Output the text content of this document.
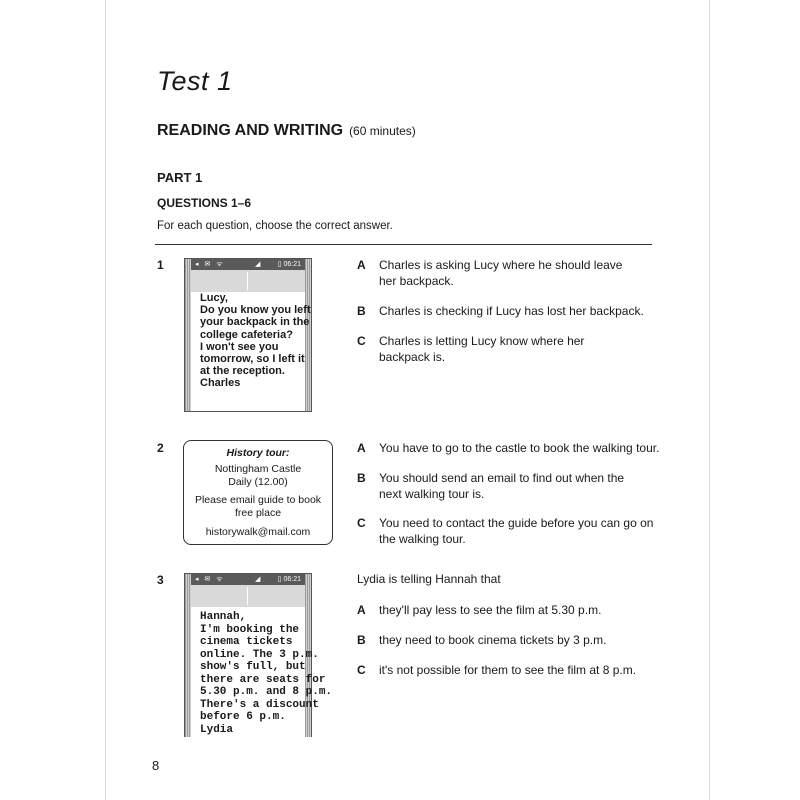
Test 1
READING AND WRITING (60 minutes)
PART 1
QUESTIONS 1–6
For each question, choose the correct answer.
1	◂ ✉ ᯤ	◢ ▯ 06:21
Lucy,
Do you know you left
your backpack in the
college cafeteria?
I won't see you
tomorrow, so I left it
at the reception.
Charles
A Charles is asking Lucy where he should leave her backpack.
B Charles is checking if Lucy has lost her backpack.
C Charles is letting Lucy know where her backpack is.
2	History tour:
Nottingham Castle
Daily (12.00)
Please email guide to book
free place
historywalk@mail.com
A You have to go to the castle to book the walking tour.
B You should send an email to find out when the next walking tour is.
C You need to contact the guide before you can go on the walking tour.
3	◂ ✉ ᯤ	◢ ▯ 06:21
Hannah,
I'm booking the
cinema tickets
online. The 3 p.m.
show's full, but
there are seats for
5.30 p.m. and 8 p.m.
There's a discount
before 6 p.m.
Lydia
Lydia is telling Hannah that
A they'll pay less to see the film at 5.30 p.m.
B they need to book cinema tickets by 3 p.m.
C it's not possible for them to see the film at 8 p.m.
8
